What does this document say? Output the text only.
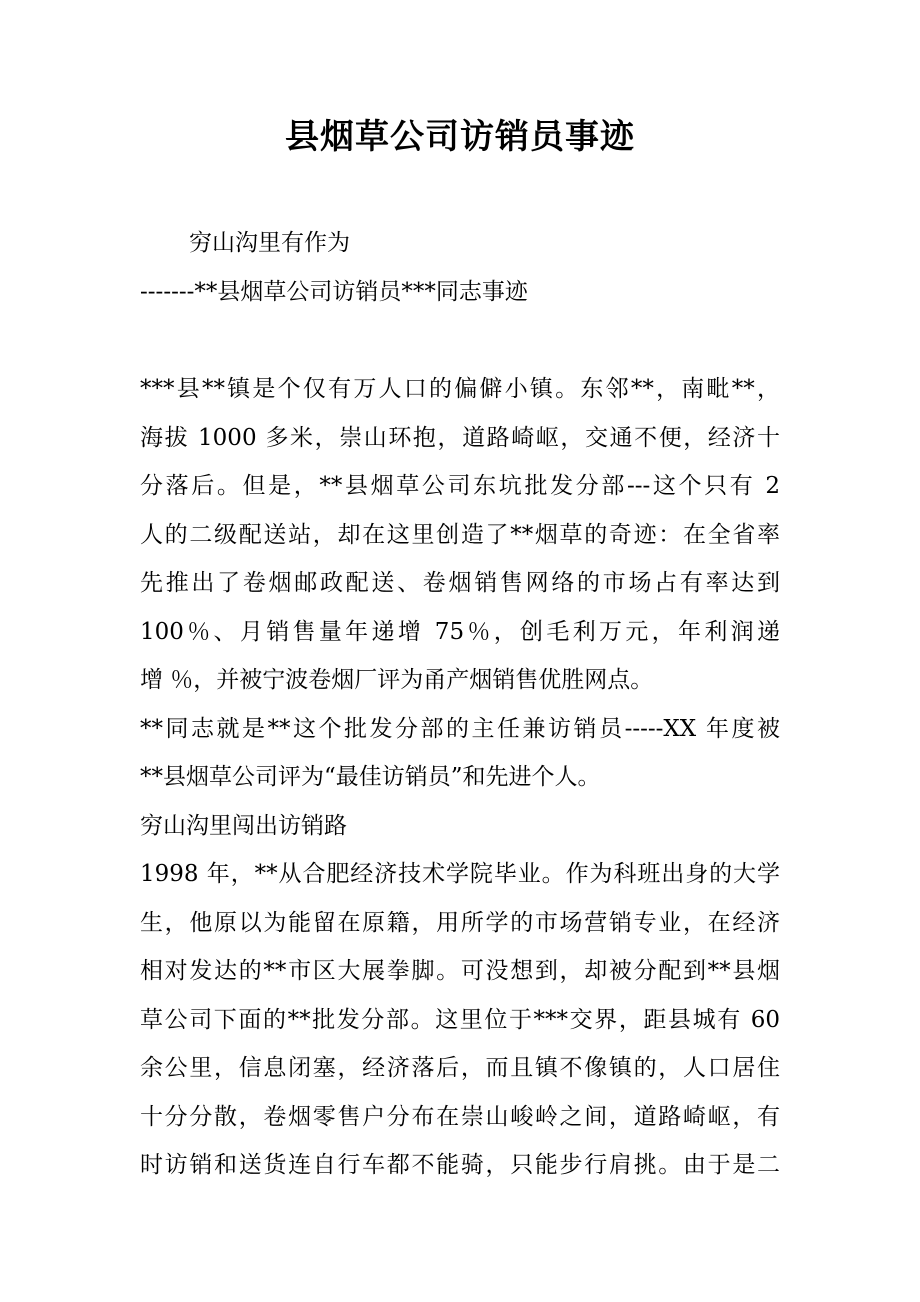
县烟草公司访销员事迹
穷山沟里有作为
-------**县烟草公司访销员***同志事迹
***县**镇是个仅有万人口的偏僻小镇。东邻**，南毗**，
海拔 1000 多米，崇山环抱，道路崎岖，交通不便，经济十
分落后。但是，**县烟草公司东坑批发分部---这个只有 2
人的二级配送站，却在这里创造了**烟草的奇迹：在全省率
先推出了卷烟邮政配送、卷烟销售网络的市场占有率达到
100％、月销售量年递增 75％，创毛利万元，年利润递
增 ％，并被宁波卷烟厂评为甬产烟销售优胜网点。
**同志就是**这个批发分部的主任兼访销员-----XX 年度被
**县烟草公司评为“最佳访销员”和先进个人。
穷山沟里闯出访销路
1998 年，**从合肥经济技术学院毕业。作为科班出身的大学
生，他原以为能留在原籍，用所学的市场营销专业，在经济
相对发达的**市区大展拳脚。可没想到，却被分配到**县烟
草公司下面的**批发分部。这里位于***交界，距县城有 60
余公里，信息闭塞，经济落后，而且镇不像镇的，人口居住
十分分散，卷烟零售户分布在崇山峻岭之间，道路崎岖，有
时访销和送货连自行车都不能骑，只能步行肩挑。由于是二
